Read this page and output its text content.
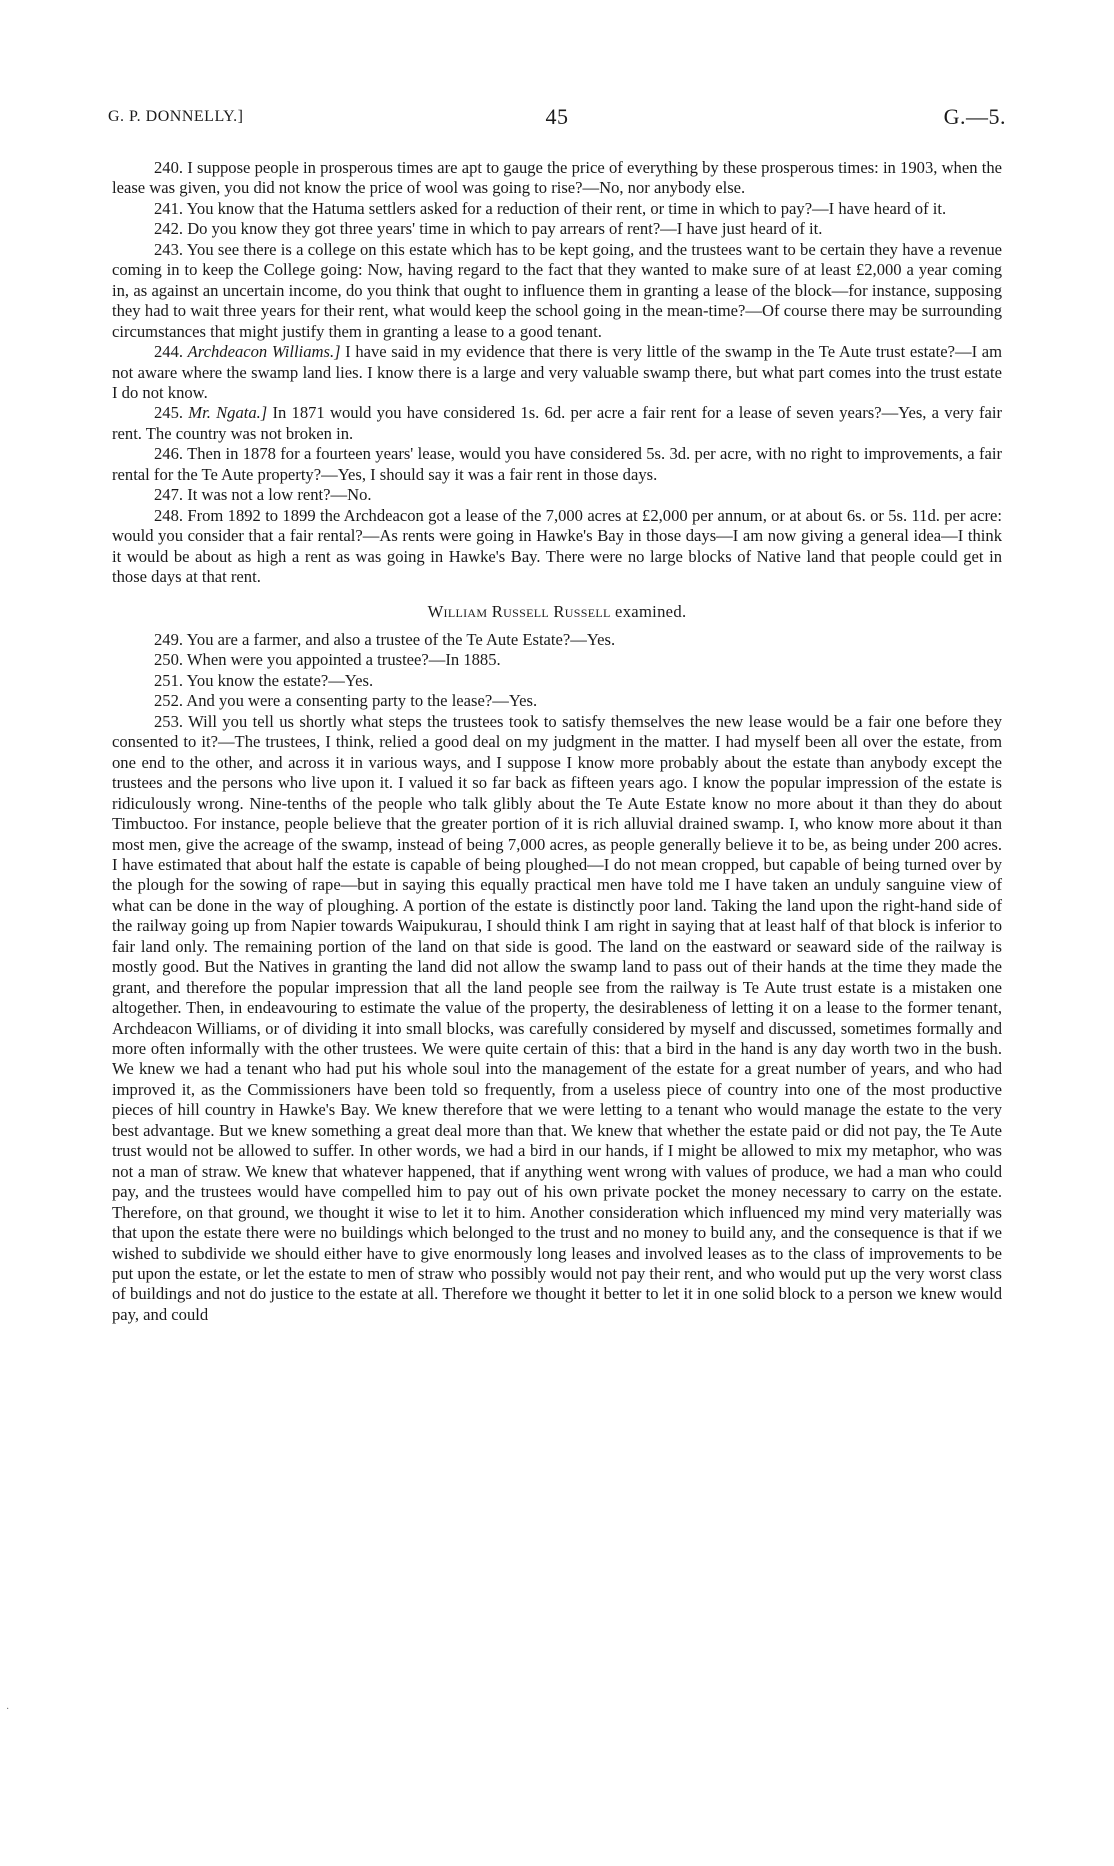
G. P. DONNELLY.]	45	G.—5.

240. I suppose people in prosperous times are apt to gauge the price of everything by these prosperous times: in 1903, when the lease was given, you did not know the price of wool was going to rise?—No, nor anybody else.

241. You know that the Hatuma settlers asked for a reduction of their rent, or time in which to pay?—I have heard of it.

242. Do you know they got three years' time in which to pay arrears of rent?—I have just heard of it.

243. You see there is a college on this estate which has to be kept going, and the trustees want to be certain they have a revenue coming in to keep the College going: Now, having regard to the fact that they wanted to make sure of at least £2,000 a year coming in, as against an uncertain income, do you think that ought to influence them in granting a lease of the block—for instance, supposing they had to wait three years for their rent, what would keep the school going in the mean-time?—Of course there may be surrounding circumstances that might justify them in granting a lease to a good tenant.

244. Archdeacon Williams.] I have said in my evidence that there is very little of the swamp in the Te Aute trust estate?—I am not aware where the swamp land lies. I know there is a large and very valuable swamp there, but what part comes into the trust estate I do not know.

245. Mr. Ngata.] In 1871 would you have considered 1s. 6d. per acre a fair rent for a lease of seven years?—Yes, a very fair rent. The country was not broken in.

246. Then in 1878 for a fourteen years' lease, would you have considered 5s. 3d. per acre, with no right to improvements, a fair rental for the Te Aute property?—Yes, I should say it was a fair rent in those days.

247. It was not a low rent?—No.

248. From 1892 to 1899 the Archdeacon got a lease of the 7,000 acres at £2,000 per annum, or at about 6s. or 5s. 11d. per acre: would you consider that a fair rental?—As rents were going in Hawke's Bay in those days—I am now giving a general idea—I think it would be about as high a rent as was going in Hawke's Bay. There were no large blocks of Native land that people could get in those days at that rent.

William Russell Russell examined.

249. You are a farmer, and also a trustee of the Te Aute Estate?—Yes.

250. When were you appointed a trustee?—In 1885.

251. You know the estate?—Yes.

252. And you were a consenting party to the lease?—Yes.

253. Will you tell us shortly what steps the trustees took to satisfy themselves the new lease would be a fair one before they consented to it?—The trustees, I think, relied a good deal on my judgment in the matter. I had myself been all over the estate, from one end to the other, and across it in various ways, and I suppose I know more probably about the estate than anybody except the trustees and the persons who live upon it. I valued it so far back as fifteen years ago. I know the popular impression of the estate is ridiculously wrong. Nine-tenths of the people who talk glibly about the Te Aute Estate know no more about it than they do about Timbuctoo. For instance, people believe that the greater portion of it is rich alluvial drained swamp. I, who know more about it than most men, give the acreage of the swamp, instead of being 7,000 acres, as people generally believe it to be, as being under 200 acres. I have estimated that about half the estate is capable of being ploughed—I do not mean cropped, but capable of being turned over by the plough for the sowing of rape—but in saying this equally practical men have told me I have taken an unduly sanguine view of what can be done in the way of ploughing. A portion of the estate is distinctly poor land. Taking the land upon the right-hand side of the railway going up from Napier towards Waipukurau, I should think I am right in saying that at least half of that block is inferior to fair land only. The remaining portion of the land on that side is good. The land on the eastward or seaward side of the railway is mostly good. But the Natives in granting the land did not allow the swamp land to pass out of their hands at the time they made the grant, and therefore the popular impression that all the land people see from the railway is Te Aute trust estate is a mistaken one altogether. Then, in endeavouring to estimate the value of the property, the desirableness of letting it on a lease to the former tenant, Archdeacon Williams, or of dividing it into small blocks, was carefully considered by myself and discussed, sometimes formally and more often informally with the other trustees. We were quite certain of this: that a bird in the hand is any day worth two in the bush. We knew we had a tenant who had put his whole soul into the management of the estate for a great number of years, and who had improved it, as the Commissioners have been told so frequently, from a useless piece of country into one of the most productive pieces of hill country in Hawke's Bay. We knew therefore that we were letting to a tenant who would manage the estate to the very best advantage. But we knew something a great deal more than that. We knew that whether the estate paid or did not pay, the Te Aute trust would not be allowed to suffer. In other words, we had a bird in our hands, if I might be allowed to mix my metaphor, who was not a man of straw. We knew that whatever happened, that if anything went wrong with values of produce, we had a man who could pay, and the trustees would have compelled him to pay out of his own private pocket the money necessary to carry on the estate. Therefore, on that ground, we thought it wise to let it to him. Another consideration which influenced my mind very materially was that upon the estate there were no buildings which belonged to the trust and no money to build any, and the consequence is that if we wished to subdivide we should either have to give enormously long leases and involved leases as to the class of improvements to be put upon the estate, or let the estate to men of straw who possibly would not pay their rent, and who would put up the very worst class of buildings and not do justice to the estate at all. Therefore we thought it better to let it in one solid block to a person we knew would pay, and could

·
